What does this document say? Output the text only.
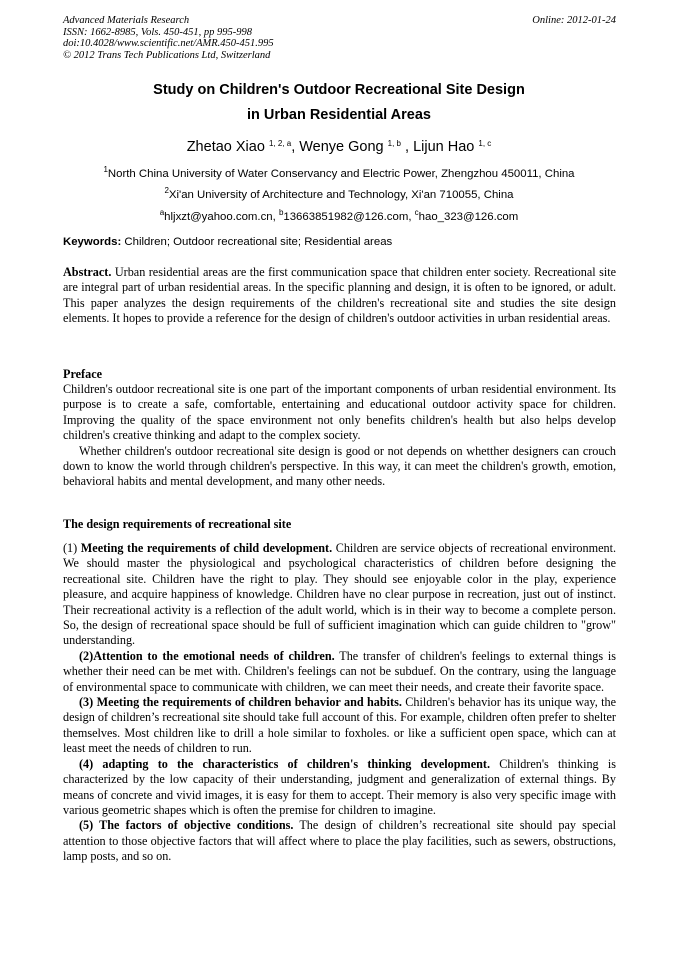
Advanced Materials Research
ISSN: 1662-8985, Vols. 450-451, pp 995-998
doi:10.4028/www.scientific.net/AMR.450-451.995
© 2012 Trans Tech Publications Ltd, Switzerland
Online: 2012-01-24
Study on Children's Outdoor Recreational Site Design
in Urban Residential Areas
Zhetao Xiao $^{1, 2, a}$, Wenye Gong $^{1, b}$ , Lijun Hao $^{1, c}$
$^1$North China University of Water Conservancy and Electric Power, Zhengzhou 450011, China
$^2$Xi'an University of Architecture and Technology, Xi'an 710055, China
$^a$hljxzt@yahoo.com.cn, $^b$13663851982@126.com, $^c$hao_323@126.com
Keywords: Children; Outdoor recreational site; Residential areas

Abstract. Urban residential areas are the first communication space that children enter society. Recreational site are integral part of urban residential areas. In the specific planning and design, it is often to be ignored, or adult. This paper analyzes the design requirements of the children's recreational site and studies the site design elements. It hopes to provide a reference for the design of children's outdoor activities in urban residential areas.

Preface

Children's outdoor recreational site is one part of the important components of urban residential environment. Its purpose is to create a safe, comfortable, entertaining and educational outdoor activity space for children. Improving the quality of the space environment not only benefits children's health but also helps develop children's creative thinking and adapt to the complex society.

Whether children's outdoor recreational site design is good or not depends on whetther designers can crouch down to know the world through children's perspective. In this way, it can meet the children's growth, emotion, behavioral habits and mental development, and many other needs.

The design requirements of recreational site

(1) Meeting the requirements of child development. Children are service objects of recreational environment. We should master the physiological and psychological characteristics of children before designing the recreational site. Children have the right to play. They should see enjoyable color in the play, experience pleasure, and acquire happiness of knowledge. Children have no clear purpose in recreation, just out of instinct. Their recreational activity is a reflection of the adult world, which is in their way to become a complete person. So, the design of recreational space should be full of sufficient imagination which can guide children to "grow" understanding.

(2)Attention to the emotional needs of children. The transfer of children's feelings to external things is whether their need can be met with. Children's feelings can not be subduef. On the contrary, using the language of environmental space to communicate with children, we can meet their needs, and create their favorite space.

(3) Meeting the requirements of children behavior and habits. Children's behavior has its unique way, the design of children’s recreational site should take full account of this. For example, children often prefer to shelter themselves. Most children like to drill a hole similar to foxholes. or like a sufficient open space, which can at least meet the needs of children to run.

(4) adapting to the characteristics of children's thinking development. Children's thinking is characterized by the low capacity of their understanding, judgment and generalization of external things. By means of concrete and vivid images, it is easy for them to accept. Their memory is also very specific image with various geometric shapes which is often the premise for children to imagine.

(5) The factors of objective conditions. The design of children’s recreational site should pay special attention to those objective factors that will affect where to place the play facilities, such as sewers, obstructions, lamp posts, and so on.
